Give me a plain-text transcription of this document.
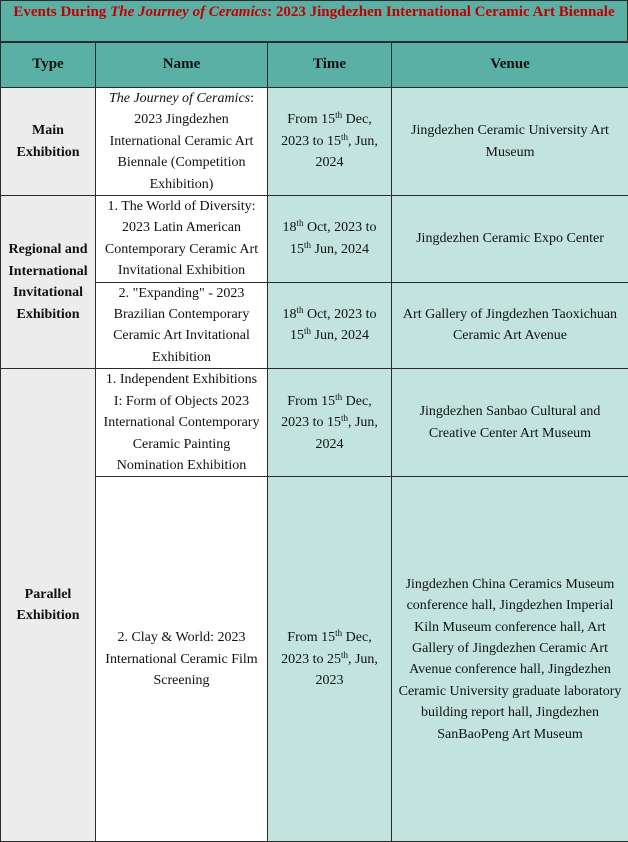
Events During The Journey of Ceramics: 2023 Jingdezhen International Ceramic Art Biennale
Type	Name	Time	Venue
Main Exhibition	The Journey of Ceramics: 2023 Jingdezhen International Ceramic Art Biennale (Competition Exhibition)	From 15th Dec, 2023 to 15th, Jun, 2024	Jingdezhen Ceramic University Art Museum
Regional and International Invitational Exhibition	1. The World of Diversity: 2023 Latin American Contemporary Ceramic Art Invitational Exhibition	18th Oct, 2023 to 15th Jun, 2024	Jingdezhen Ceramic Expo Center
	2. "Expanding" - 2023 Brazilian Contemporary Ceramic Art Invitational Exhibition	18th Oct, 2023 to 15th Jun, 2024	Art Gallery of Jingdezhen Taoxichuan Ceramic Art Avenue
Parallel Exhibition	1. Independent Exhibitions I: Form of Objects 2023 International Contemporary Ceramic Painting Nomination Exhibition	From 15th Dec, 2023 to 15th, Jun, 2024	Jingdezhen Sanbao Cultural and Creative Center Art Museum
	2. Clay & World: 2023 International Ceramic Film Screening	From 15th Dec, 2023 to 25th, Jun, 2023	Jingdezhen China Ceramics Museum conference hall, Jingdezhen Imperial Kiln Museum conference hall, Art Gallery of Jingdezhen Ceramic Art Avenue conference hall, Jingdezhen Ceramic University graduate laboratory building report hall, Jingdezhen SanBaoPeng Art Museum
